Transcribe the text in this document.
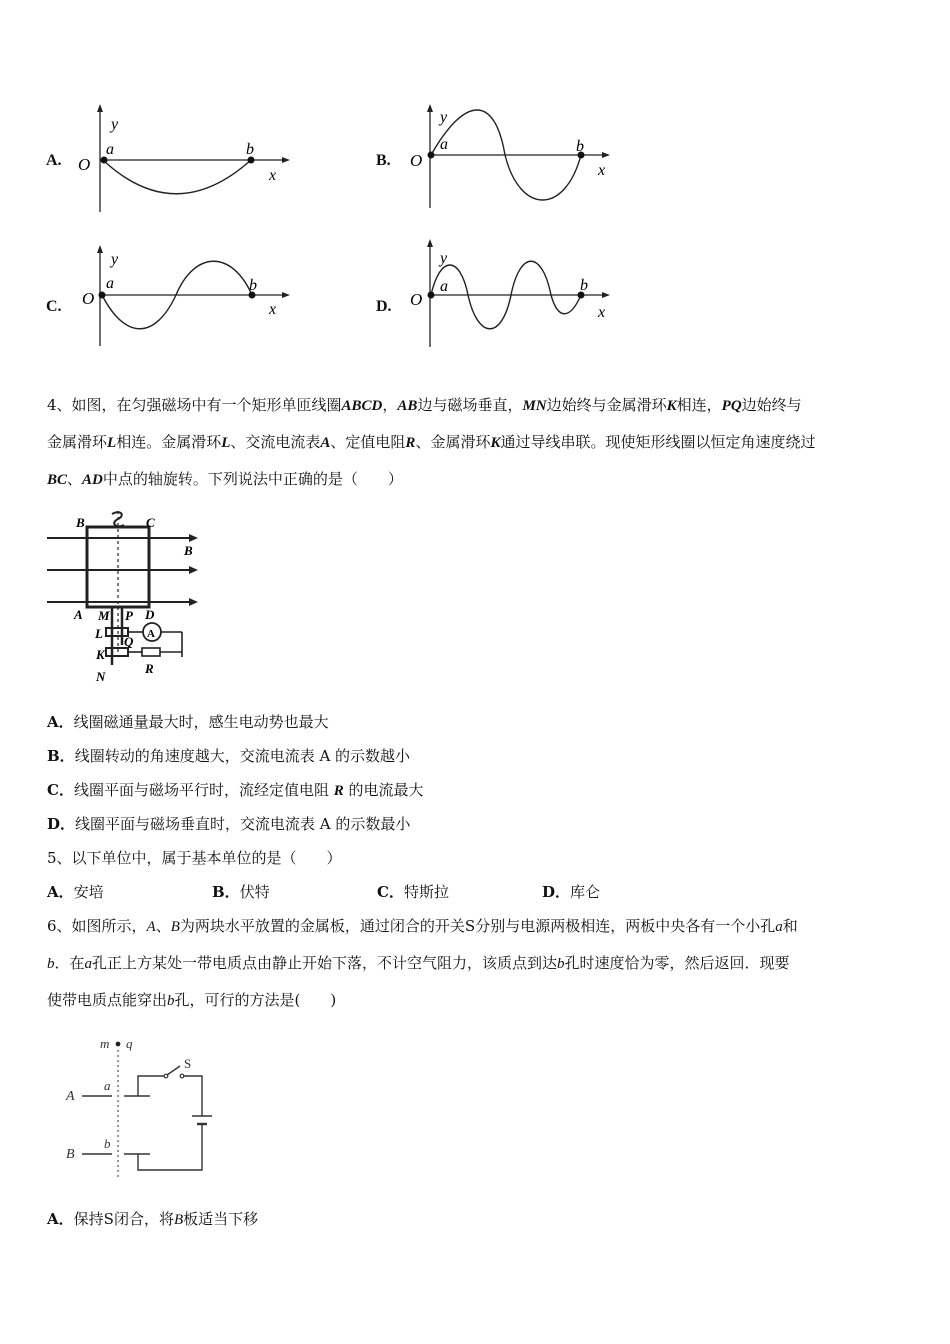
A. O
y
x
a	b
B. O
y
x
a	b
C. O
y
x
a	b
D. O
y
x
a	b
4、如图，在匀强磁场中有一个矩形单匝线圈ABCD，AB边与磁场垂直，MN边始终与金属滑环K相连，PQ边始终与
金属滑环L相连。金属滑环L、交流电流表A、定值电阻R、金属滑环K通过导线串联。现使矩形线圈以恒定角速度绕过
BC、AD中点的轴旋转。下列说法中正确的是（　　）
B	C
B
A M P D
L
Q
K
N
R
A
A．线圈磁通量最大时，感生电动势也最大
B．线圈转动的角速度越大，交流电流表 A 的示数越小
C．线圈平面与磁场平行时，流经定值电阻 R 的电流最大
D．线圈平面与磁场垂直时，交流电流表 A 的示数最小
5、以下单位中，属于基本单位的是（　　）
A．安培	B．伏特	C．特斯拉	D．库仑
6、如图所示，A、B为两块水平放置的金属板，通过闭合的开关S分别与电源两极相连，两板中央各有一个小孔a和
b．在a孔正上方某处一带电质点由静止开始下落，不计空气阻力，该质点到达b孔时速度恰为零，然后返回．现要
使带电质点能穿出b孔，可行的方法是(　　)
m q
S
A
a
B
b
A．保持S闭合，将B板适当下移
